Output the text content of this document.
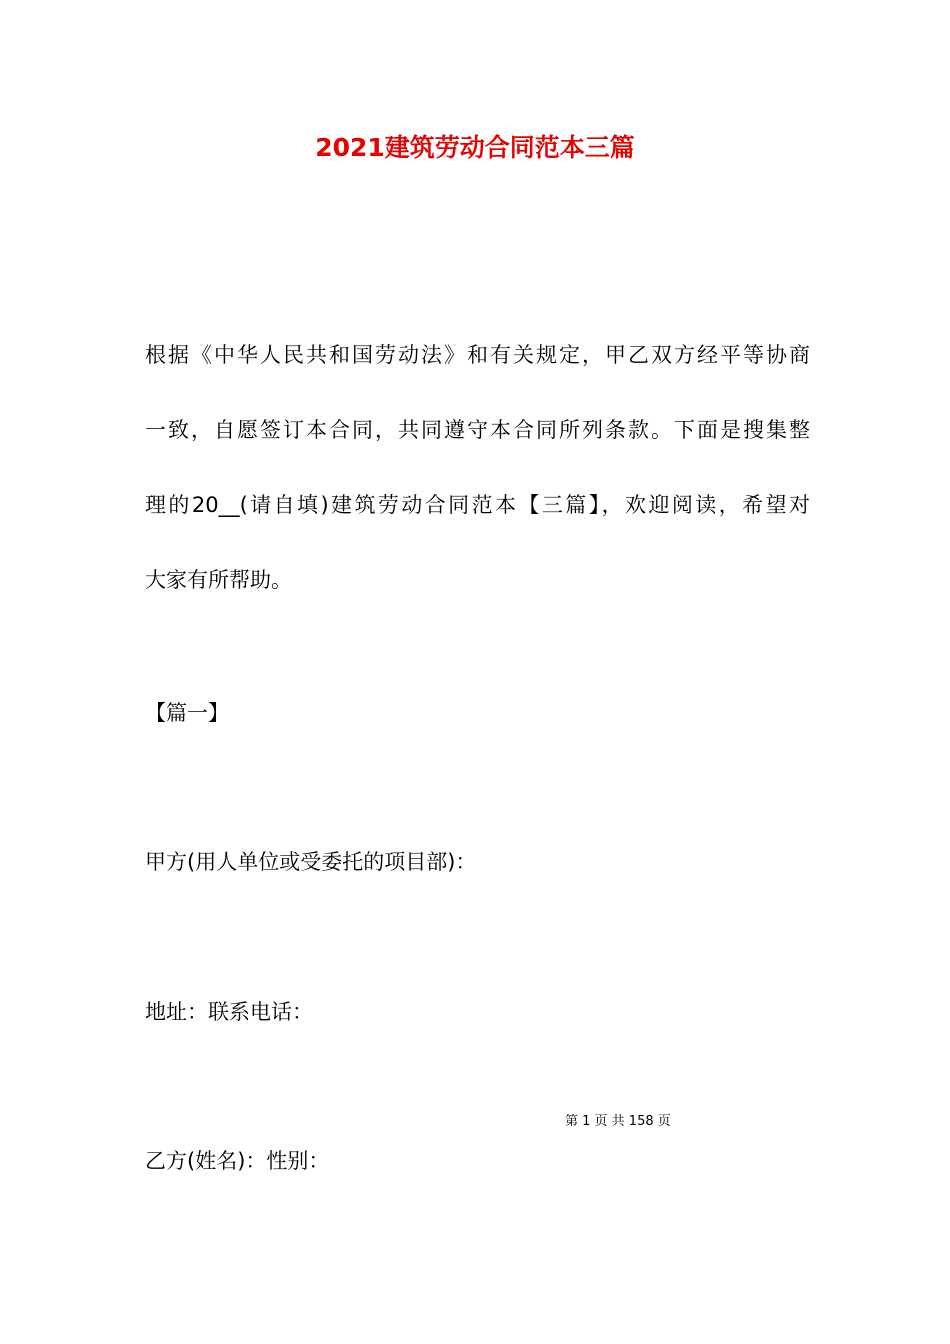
2021建筑劳动合同范本三篇
根据《中华人民共和国劳动法》和有关规定，甲乙双方经平等协商
一致，自愿签订本合同，共同遵守本合同所列条款。下面是搜集整
理的20__(请自填)建筑劳动合同范本【三篇】，欢迎阅读，希望对
大家有所帮助。

【篇一】

甲方(用人单位或受委托的项目部)：

地址：联系电话：

第 1 页 共 158 页

乙方(姓名)：性别：
